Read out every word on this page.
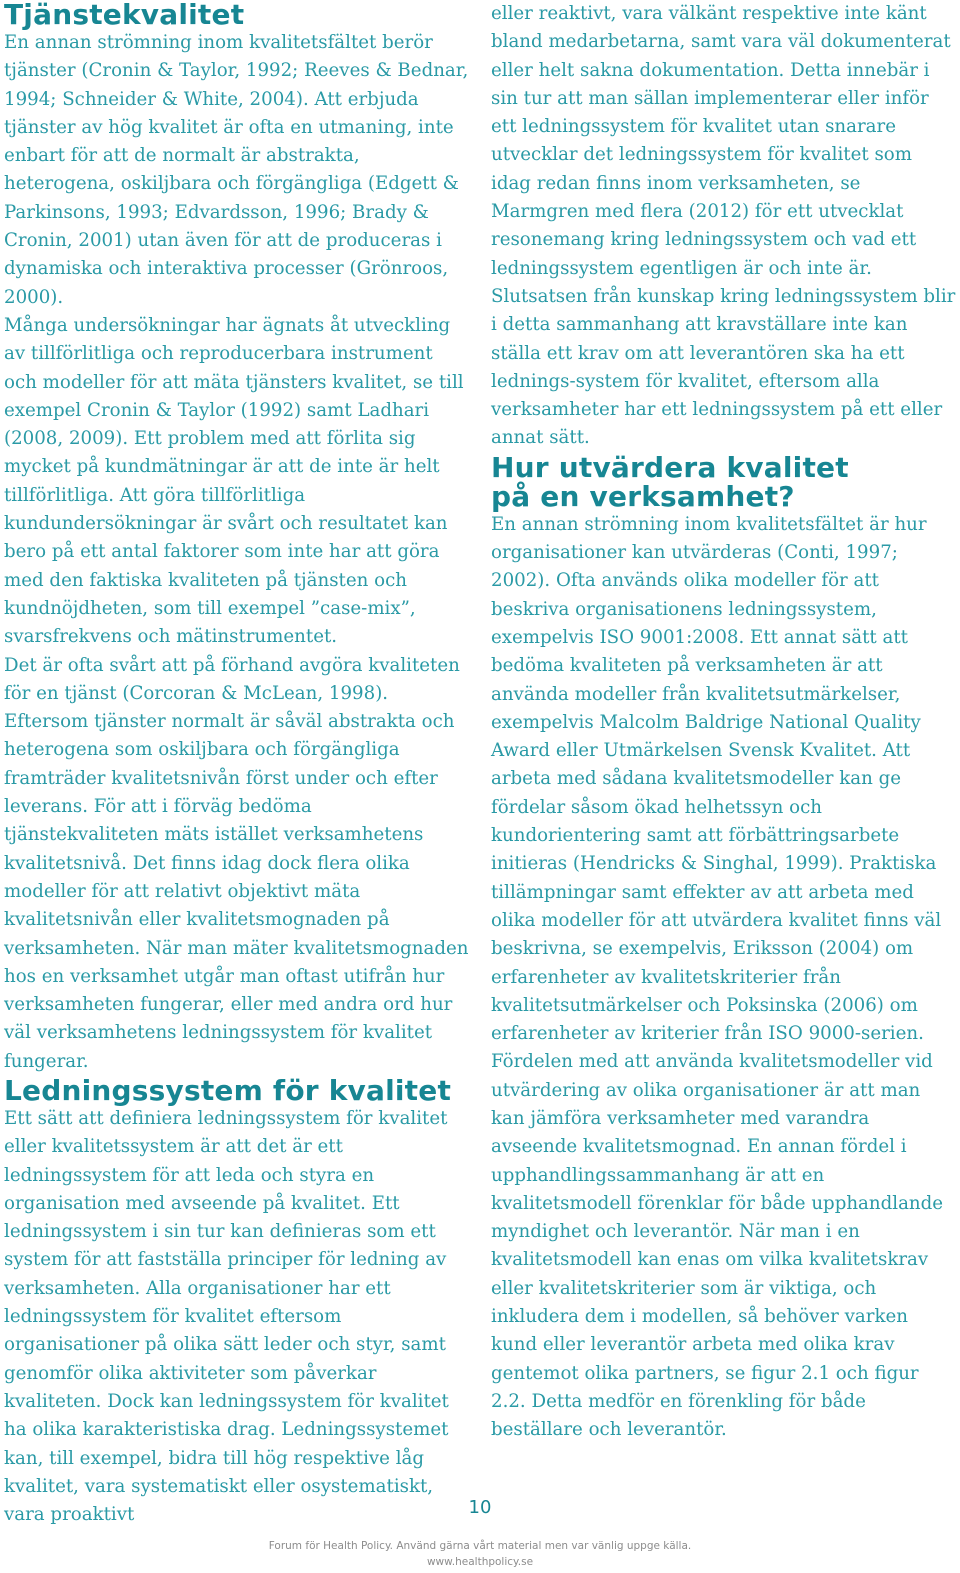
Tjänstekvalitet

En annan strömning inom kvalitetsfältet berör tjänster (Cronin & Taylor, 1992; Reeves & Bednar, 1994; Schneider & White, 2004). Att erbjuda tjänster av hög kvalitet är ofta en utmaning, inte enbart för att de normalt är abstrakta, heterogena, oskiljbara och förgängliga (Edgett & Parkinsons, 1993; Edvardsson, 1996; Brady & Cronin, 2001) utan även för att de produceras i dynamiska och interaktiva processer (Grönroos, 2000).

Många undersökningar har ägnats åt utveckling av tillförlitliga och reproducerbara instrument och modeller för att mäta tjänsters kvalitet, se till exempel Cronin & Taylor (1992) samt Ladhari (2008, 2009). Ett problem med att förlita sig mycket på kundmätningar är att de inte är helt tillförlitliga. Att göra tillförlitliga kundundersökningar är svårt och resultatet kan bero på ett antal faktorer som inte har att göra med den faktiska kvaliteten på tjänsten och kundnöjdheten, som till exempel ”case-mix”, svarsfrekvens och mätinstrumentet.

Det är ofta svårt att på förhand avgöra kvaliteten för en tjänst (Corcoran & McLean, 1998). Eftersom tjänster normalt är såväl abstrakta och heterogena som oskiljbara och förgängliga framträder kvalitetsnivån först under och efter leverans. För att i förväg bedöma tjänstekvaliteten mäts istället verksamhetens kvalitetsnivå. Det finns idag dock flera olika modeller för att relativt objektivt mäta kvalitetsnivån eller kvalitetsmognaden på verksamheten. När man mäter kvalitetsmognaden hos en verksamhet utgår man oftast utifrån hur verksamheten fungerar, eller med andra ord hur väl verksamhetens ledningssystem för kvalitet fungerar.

Ledningssystem för kvalitet

Ett sätt att definiera ledningssystem för kvalitet eller kvalitetssystem är att det är ett ledningssystem för att leda och styra en organisation med avseende på kvalitet. Ett ledningssystem i sin tur kan definieras som ett system för att fastställa principer för ledning av verksamheten. Alla organisationer har ett ledningssystem för kvalitet eftersom organisationer på olika sätt leder och styr, samt genomför olika aktiviteter som påverkar kvaliteten. Dock kan ledningssystem för kvalitet ha olika karakteristiska drag. Ledningssystemet kan, till exempel, bidra till hög respektive låg kvalitet, vara systematiskt eller osystematiskt, vara proaktivt

eller reaktivt, vara välkänt respektive inte känt bland medarbetarna, samt vara väl dokumenterat eller helt sakna dokumentation. Detta innebär i sin tur att man sällan implementerar eller inför ett ledningssystem för kvalitet utan snarare utvecklar det ledningssystem för kvalitet som idag redan finns inom verksamheten, se Marmgren med flera (2012) för ett utvecklat resonemang kring ledningssystem och vad ett ledningssystem egentligen är och inte är. Slutsatsen från kunskap kring ledningssystem blir i detta sammanhang att kravställare inte kan ställa ett krav om att leverantören ska ha ett lednings-system för kvalitet, eftersom alla verksamheter har ett ledningssystem på ett eller annat sätt.

Hur utvärdera kvalitet
på en verksamhet?

En annan strömning inom kvalitetsfältet är hur organisationer kan utvärderas (Conti, 1997; 2002). Ofta används olika modeller för att beskriva organisationens ledningssystem, exempelvis ISO 9001:2008. Ett annat sätt att bedöma kvaliteten på verksamheten är att använda modeller från kvalitetsutmärkelser, exempelvis Malcolm Baldrige National Quality Award eller Utmärkelsen Svensk Kvalitet. Att arbeta med sådana kvalitetsmodeller kan ge fördelar såsom ökad helhetssyn och kundorientering samt att förbättringsarbete initieras (Hendricks & Singhal, 1999). Praktiska tillämpningar samt effekter av att arbeta med olika modeller för att utvärdera kvalitet finns väl beskrivna, se exempelvis, Eriksson (2004) om erfarenheter av kvalitetskriterier från kvalitetsutmärkelser och Poksinska (2006) om erfarenheter av kriterier från ISO 9000-serien.

Fördelen med att använda kvalitetsmodeller vid utvärdering av olika organisationer är att man kan jämföra verksamheter med varandra avseende kvalitetsmognad. En annan fördel i upphandlingssammanhang är att en kvalitetsmodell förenklar för både upphandlande myndighet och leverantör. När man i en kvalitetsmodell kan enas om vilka kvalitetskrav eller kvalitetskriterier som är viktiga, och inkludera dem i modellen, så behöver varken kund eller leverantör arbeta med olika krav gentemot olika partners, se figur 2.1 och figur 2.2. Detta medför en förenkling för både beställare och leverantör.

10
Forum för Health Policy. Använd gärna vårt material men var vänlig uppge källa.
www.healthpolicy.se
